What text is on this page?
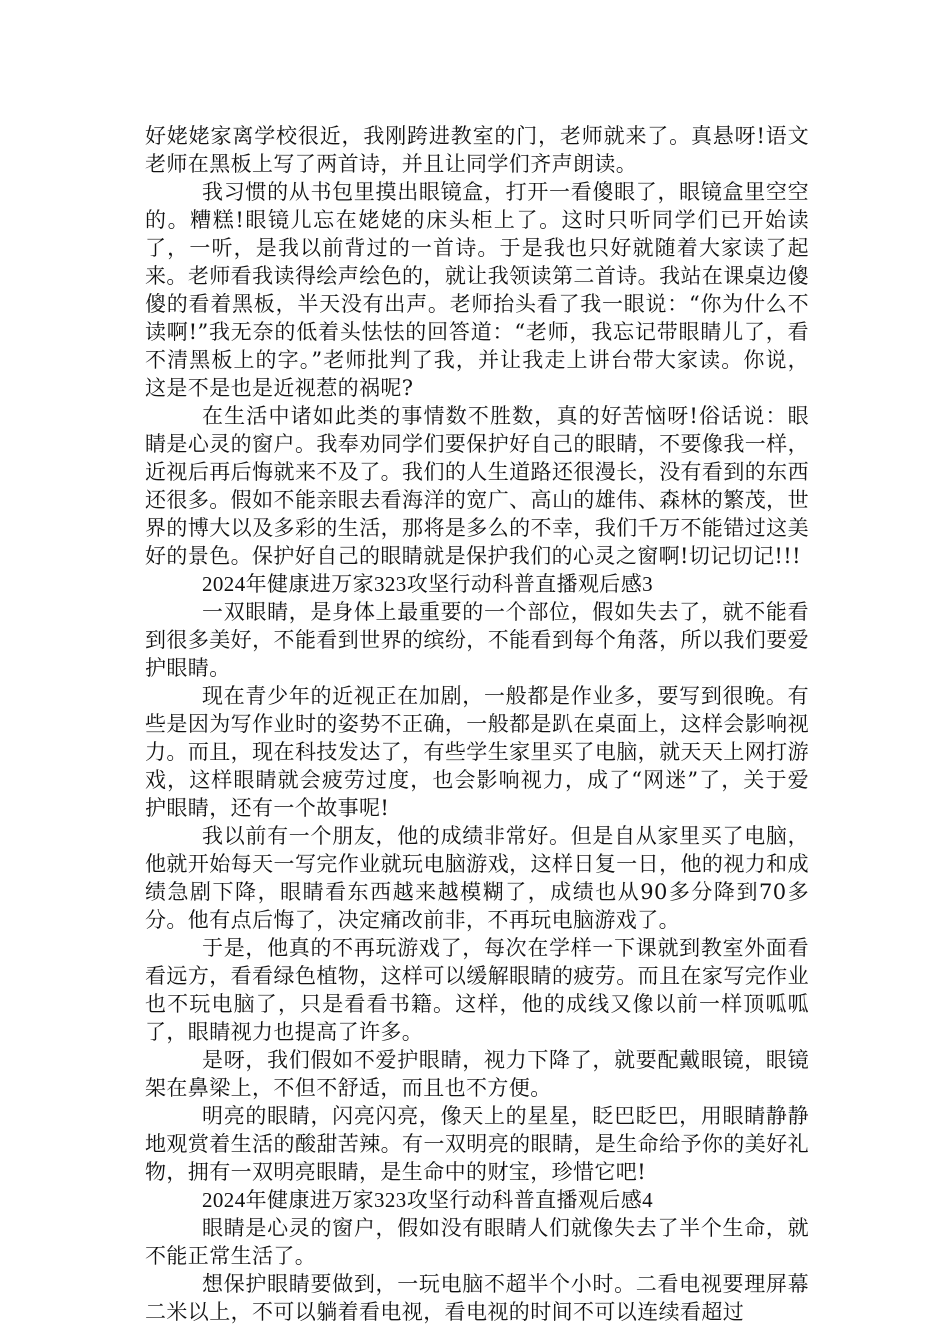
好姥姥家离学校很近，我刚跨进教室的门，老师就来了。真悬呀!语文老师在黑板上写了两首诗，并且让同学们齐声朗读。

我习惯的从书包里摸出眼镜盒，打开一看傻眼了，眼镜盒里空空的。糟糕!眼镜儿忘在姥姥的床头柜上了。这时只听同学们已开始读了，一听，是我以前背过的一首诗。于是我也只好就随着大家读了起来。老师看我读得绘声绘色的，就让我领读第二首诗。我站在课桌边傻傻的看着黑板，半天没有出声。老师抬头看了我一眼说：“你为什么不读啊!”我无奈的低着头怯怯的回答道：“老师，我忘记带眼睛儿了，看不清黑板上的字。”老师批判了我，并让我走上讲台带大家读。你说，这是不是也是近视惹的祸呢?

在生活中诸如此类的事情数不胜数，真的好苦恼呀!俗话说：眼睛是心灵的窗户。我奉劝同学们要保护好自己的眼睛，不要像我一样，近视后再后悔就来不及了。我们的人生道路还很漫长，没有看到的东西还很多。假如不能亲眼去看海洋的宽广、高山的雄伟、森林的繁茂，世界的博大以及多彩的生活，那将是多么的不幸，我们千万不能错过这美好的景色。保护好自己的眼睛就是保护我们的心灵之窗啊!切记切记!!!

2024年健康进万家323攻坚行动科普直播观后感3

一双眼睛，是身体上最重要的一个部位，假如失去了，就不能看到很多美好，不能看到世界的缤纷，不能看到每个角落，所以我们要爱护眼睛。

现在青少年的近视正在加剧，一般都是作业多，要写到很晚。有些是因为写作业时的姿势不正确，一般都是趴在桌面上，这样会影响视力。而且，现在科技发达了，有些学生家里买了电脑，就天天上网打游戏，这样眼睛就会疲劳过度，也会影响视力，成了“网迷”了，关于爱护眼睛，还有一个故事呢!

我以前有一个朋友，他的成绩非常好。但是自从家里买了电脑，他就开始每天一写完作业就玩电脑游戏，这样日复一日，他的视力和成绩急剧下降，眼睛看东西越来越模糊了，成绩也从90多分降到70多分。他有点后悔了，决定痛改前非，不再玩电脑游戏了。

于是，他真的不再玩游戏了，每次在学样一下课就到教室外面看看远方，看看绿色植物，这样可以缓解眼睛的疲劳。而且在家写完作业也不玩电脑了，只是看看书籍。这样，他的成线又像以前一样顶呱呱了，眼睛视力也提高了许多。

是呀，我们假如不爱护眼睛，视力下降了，就要配戴眼镜，眼镜架在鼻梁上，不但不舒适，而且也不方便。

明亮的眼睛，闪亮闪亮，像天上的星星，眨巴眨巴，用眼睛静静地观赏着生活的酸甜苦辣。有一双明亮的眼睛，是生命给予你的美好礼物，拥有一双明亮眼睛，是生命中的财宝，珍惜它吧!

2024年健康进万家323攻坚行动科普直播观后感4

眼睛是心灵的窗户，假如没有眼睛人们就像失去了半个生命，就不能正常生活了。

想保护眼睛要做到，一玩电脑不超半个小时。二看电视要理屏幕二米以上，不可以躺着看电视，看电视的时间不可以连续看超过
